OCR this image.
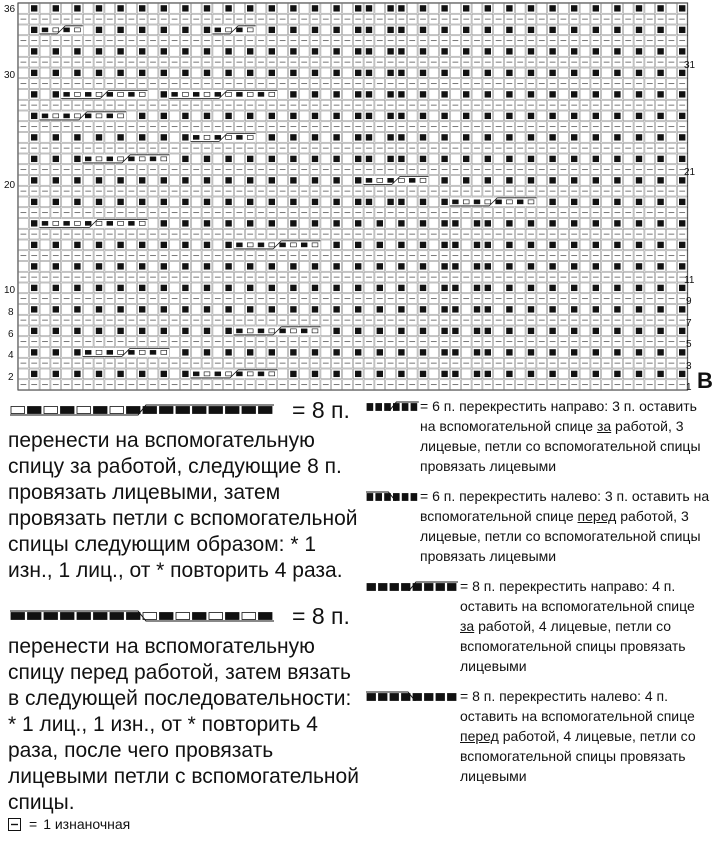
36
30
20
10
8
6
4
2
31
21
11
9
7
5
3
1 B
= 8 п.
перенести на вспомогательную спицу за работой, следующие 8 п. провязать лицевыми, затем провязать петли с вспомогательной спицы следующим образом: * 1 изн., 1 лиц., от * повторить 4 раза.
= 8 п.
перенести на вспомогательную спицу перед работой, затем вязать в следующей последовательности: * 1 лиц., 1 изн., от * повторить 4 раза, после чего провязать лицевыми петли с вспомогательной спицы.
= 1 изнаночная
= 6 п. перекрестить направо: 3 п. оставить на вспомогательной спице за работой, 3 лицевые, петли со вспомогательной спицы провязать лицевыми
= 6 п. перекрестить налево: 3 п. оставить на вспомогательной спице перед работой, 3 лицевые, петли со вспомогательной спицы провязать лицевыми
= 8 п. перекрестить направо: 4 п. оставить на вспомогательной спице за работой, 4 лицевые, петли со вспомогательной спицы провязать лицевыми
= 8 п. перекрестить налево: 4 п. оставить на вспомогательной спице перед работой, 4 лицевые, петли со вспомогательной спицы провязать лицевыми
